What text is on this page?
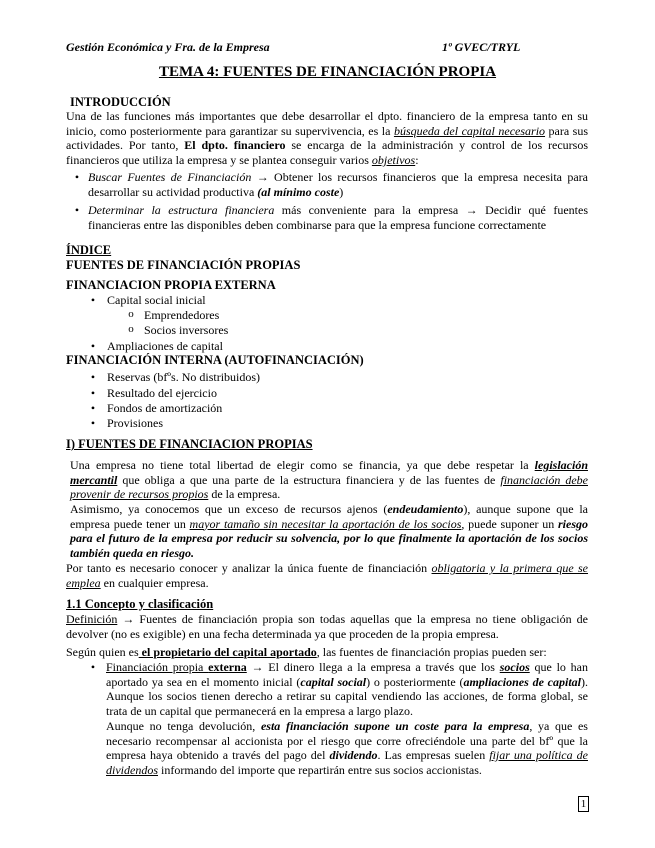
Gestión Económica y Fra. de la Empresa	1º GVEC/TRYL
TEMA 4: FUENTES DE FINANCIACIÓN PROPIA
INTRODUCCIÓN
Una de las funciones más importantes que debe desarrollar el dpto. financiero de la empresa tanto en su inicio, como posteriormente para garantizar su supervivencia, es la búsqueda del capital necesario para sus actividades. Por tanto, El dpto. financiero se encarga de la administración y control de los recursos financieros que utiliza la empresa y se plantea conseguir varios objetivos:
• Buscar Fuentes de Financiación → Obtener los recursos financieros que la empresa necesita para desarrollar su actividad productiva (al mínimo coste)
• Determinar la estructura financiera más conveniente para la empresa → Decidir qué fuentes financieras entre las disponibles deben combinarse para que la empresa funcione correctamente
ÍNDICE
FUENTES DE FINANCIACIÓN PROPIAS
FINANCIACION PROPIA EXTERNA
• Capital social inicial
o Emprendedores
o Socios inversores
• Ampliaciones de capital
FINANCIACIÓN INTERNA (AUTOFINANCIACIÓN)
• Reservas (bfºs. No distribuidos)
• Resultado del ejercicio
• Fondos de amortización
• Provisiones
I) FUENTES DE FINANCIACION PROPIAS
Una empresa no tiene total libertad de elegir como se financia, ya que debe respetar la legislación mercantil que obliga a que una parte de la estructura financiera y de las fuentes de financiación debe provenir de recursos propios de la empresa.
Asimismo, ya conocemos que un exceso de recursos ajenos (endeudamiento), aunque supone que la empresa puede tener un mayor tamaño sin necesitar la aportación de los socios, puede suponer un riesgo para el futuro de la empresa por reducir su solvencia, por lo que finalmente la aportación de los socios también queda en riesgo.
Por tanto es necesario conocer y analizar la única fuente de financiación obligatoria y la primera que se emplea en cualquier empresa.
1.1 Concepto y clasificación
Definición → Fuentes de financiación propia son todas aquellas que la empresa no tiene obligación de devolver (no es exigible) en una fecha determinada ya que proceden de la propia empresa.
Según quien es el propietario del capital aportado, las fuentes de financiación propias pueden ser:
• Financiación propia externa → El dinero llega a la empresa a través que los socios que lo han aportado ya sea en el momento inicial (capital social) o posteriormente (ampliaciones de capital). Aunque los socios tienen derecho a retirar su capital vendiendo las acciones, de forma global, se trata de un capital que permanecerá en la empresa a largo plazo.
Aunque no tenga devolución, esta financiación supone un coste para la empresa, ya que es necesario recompensar al accionista por el riesgo que corre ofreciéndole una parte del bfº que la empresa haya obtenido a través del pago del dividendo. Las empresas suelen fijar una política de dividendos informando del importe que repartirán entre sus socios accionistas.
1
